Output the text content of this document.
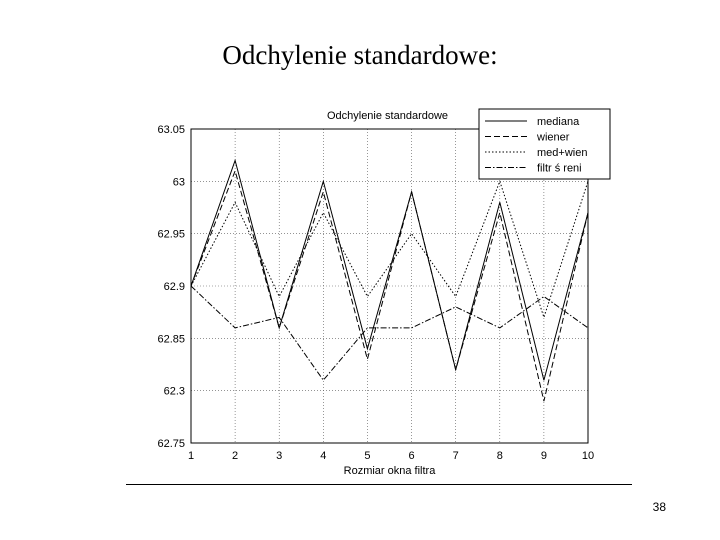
Odchylenie standardowe:
1	2	3	4	5	6	7	8	9	10
62.75
62.3
62.85
62.9
62.95
63
63.05
Odchylenie standardowe
Rozmiar okna filtra
mediana
wiener
med+wien
filtr ś reni
38
